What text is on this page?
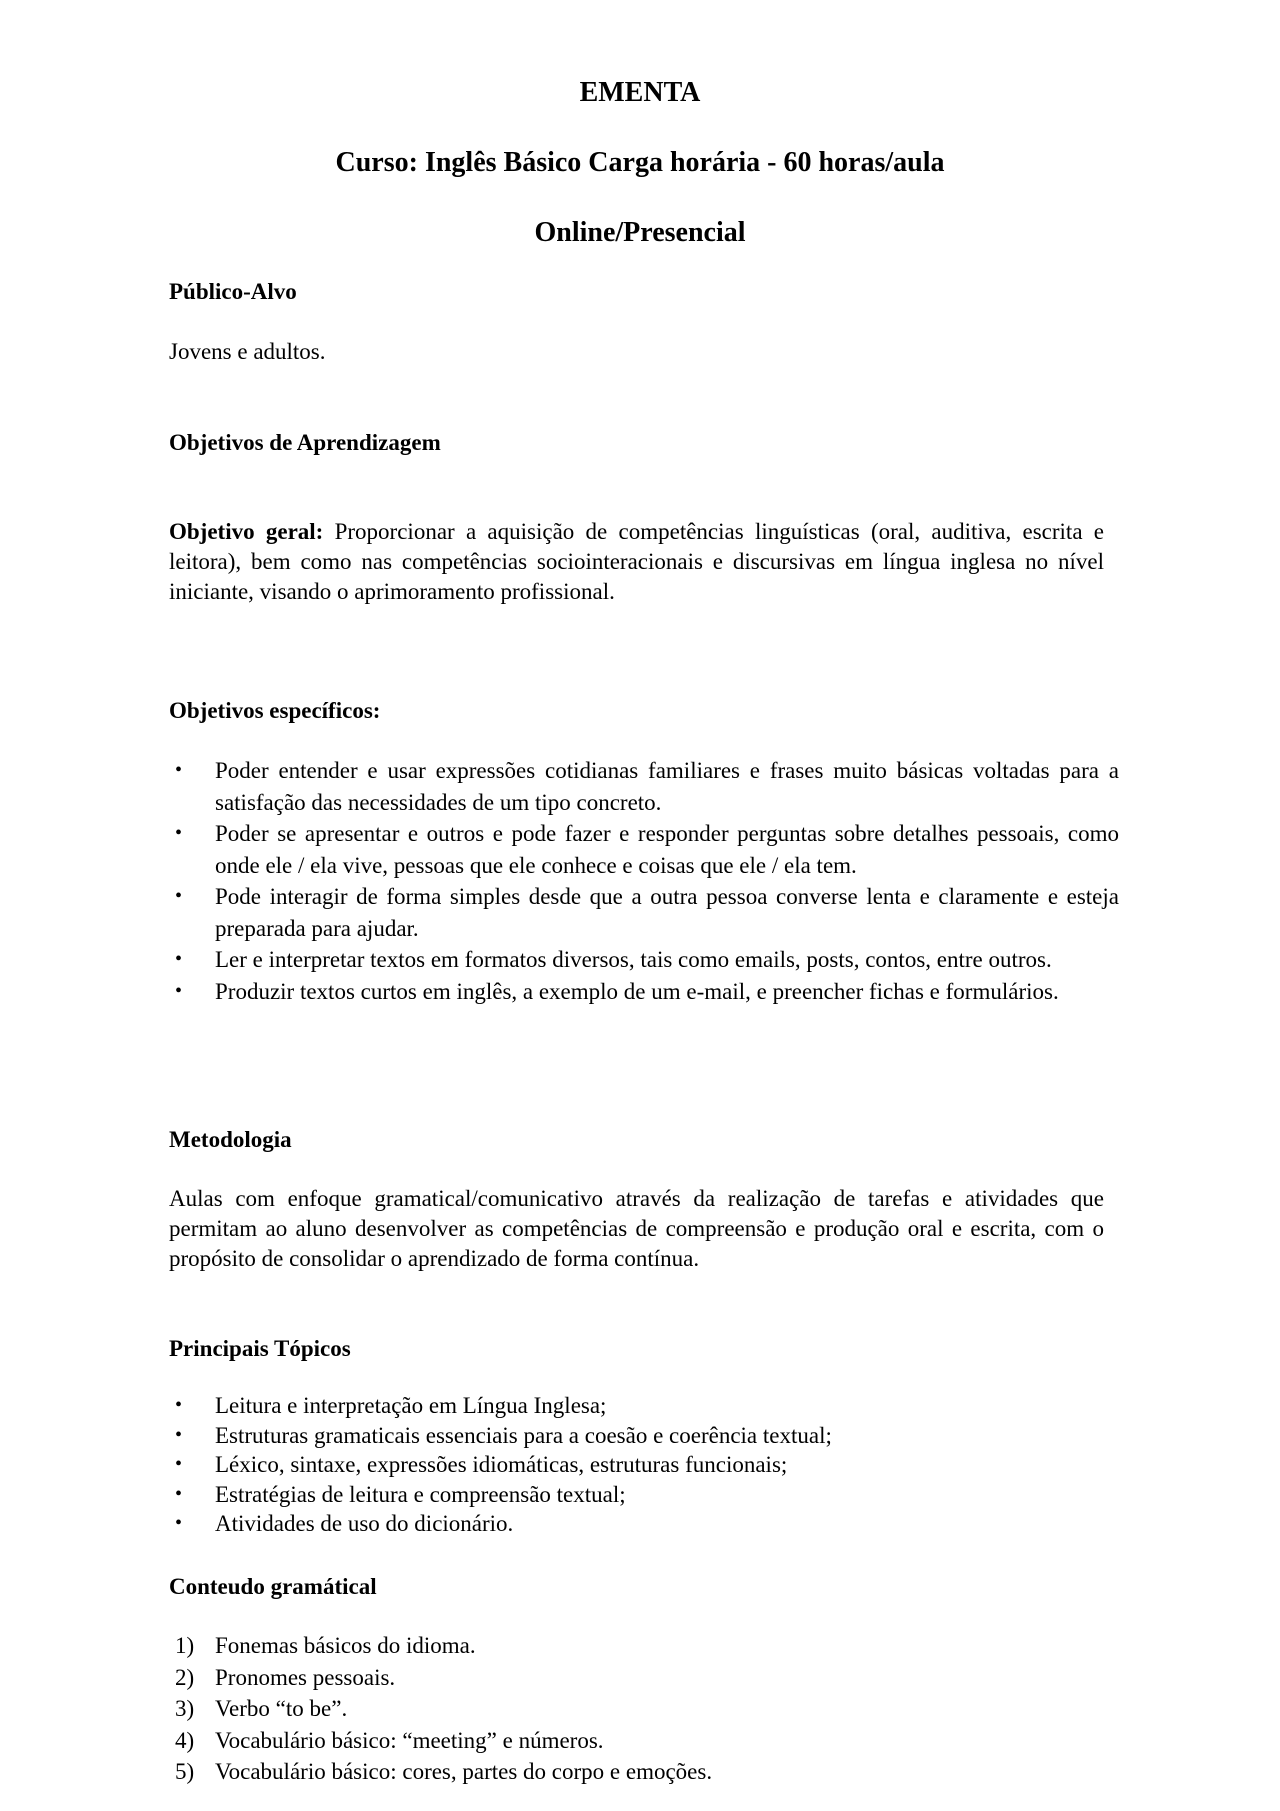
EMENTA
Curso: Inglês Básico Carga horária - 60 horas/aula
Online/Presencial
Público-Alvo

Jovens e adultos.

Objetivos de Aprendizagem

Objetivo geral: Proporcionar a aquisição de competências linguísticas (oral, auditiva, escrita e leitora), bem como nas competências sociointeracionais e discursivas em língua inglesa no nível iniciante, visando o aprimoramento profissional.

Objetivos específicos:
• Poder entender e usar expressões cotidianas familiares e frases muito básicas voltadas para a satisfação das necessidades de um tipo concreto.
• Poder se apresentar e outros e pode fazer e responder perguntas sobre detalhes pessoais, como onde ele / ela vive, pessoas que ele conhece e coisas que ele / ela tem.
• Pode interagir de forma simples desde que a outra pessoa converse lenta e claramente e esteja preparada para ajudar.
• Ler e interpretar textos em formatos diversos, tais como emails, posts, contos, entre outros.
• Produzir textos curtos em inglês, a exemplo de um e-mail, e preencher fichas e formulários.
Metodologia

Aulas com enfoque gramatical/comunicativo através da realização de tarefas e atividades que permitam ao aluno desenvolver as competências de compreensão e produção oral e escrita, com o propósito de consolidar o aprendizado de forma contínua.

Principais Tópicos
• Leitura e interpretação em Língua Inglesa;
• Estruturas gramaticais essenciais para a coesão e coerência textual;
• Léxico, sintaxe, expressões idiomáticas, estruturas funcionais;
• Estratégias de leitura e compreensão textual;
• Atividades de uso do dicionário.
Conteudo gramátical
1) Fonemas básicos do idioma.
2) Pronomes pessoais.
3) Verbo “to be”.
4) Vocabulário básico: “meeting” e números.
5) Vocabulário básico: cores, partes do corpo e emoções.
